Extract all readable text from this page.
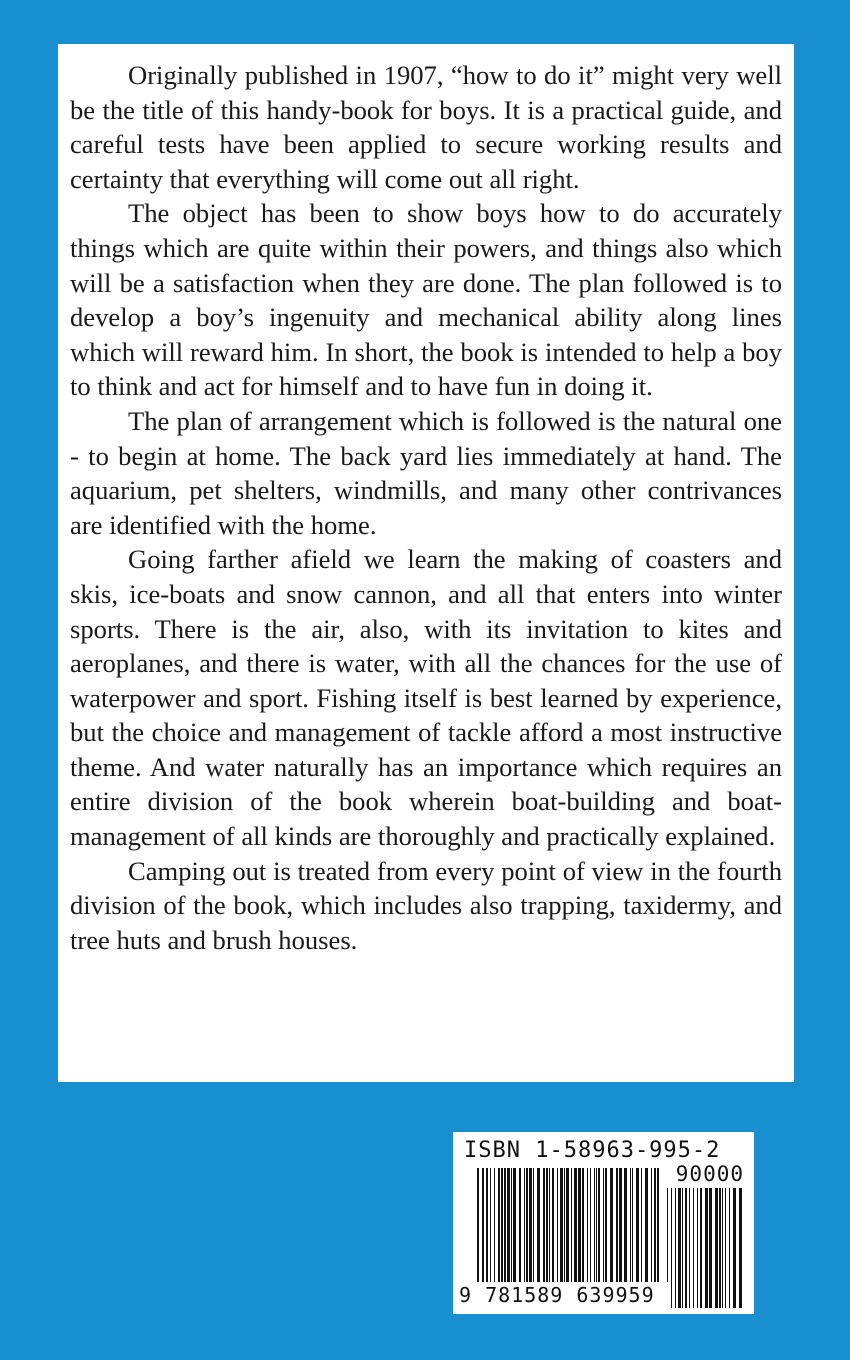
Originally published in 1907, “how to do it” might very well be the title of this handy-book for boys. It is a practical guide, and careful tests have been applied to secure working results and certainty that everything will come out all right.

The object has been to show boys how to do accurately things which are quite within their powers, and things also which will be a satisfaction when they are done. The plan followed is to develop a boy’s ingenuity and mechanical ability along lines which will reward him. In short, the book is intended to help a boy to think and act for himself and to have fun in doing it.

The plan of arrangement which is followed is the natural one - to begin at home. The back yard lies immediately at hand. The aquarium, pet shelters, windmills, and many other contrivances are identified with the home.

Going farther afield we learn the making of coasters and skis, ice-boats and snow cannon, and all that enters into winter sports. There is the air, also, with its invitation to kites and aeroplanes, and there is water, with all the chances for the use of waterpower and sport. Fishing itself is best learned by experience, but the choice and management of tackle afford a most instructive theme. And water naturally has an importance which requires an entire division of the book wherein boat-building and boat-management of all kinds are thoroughly and practically explained.

Camping out is treated from every point of view in the fourth division of the book, which includes also trapping, taxidermy, and tree huts and brush houses.

ISBN 1-58963-995-2
90000
9 781589 639959
